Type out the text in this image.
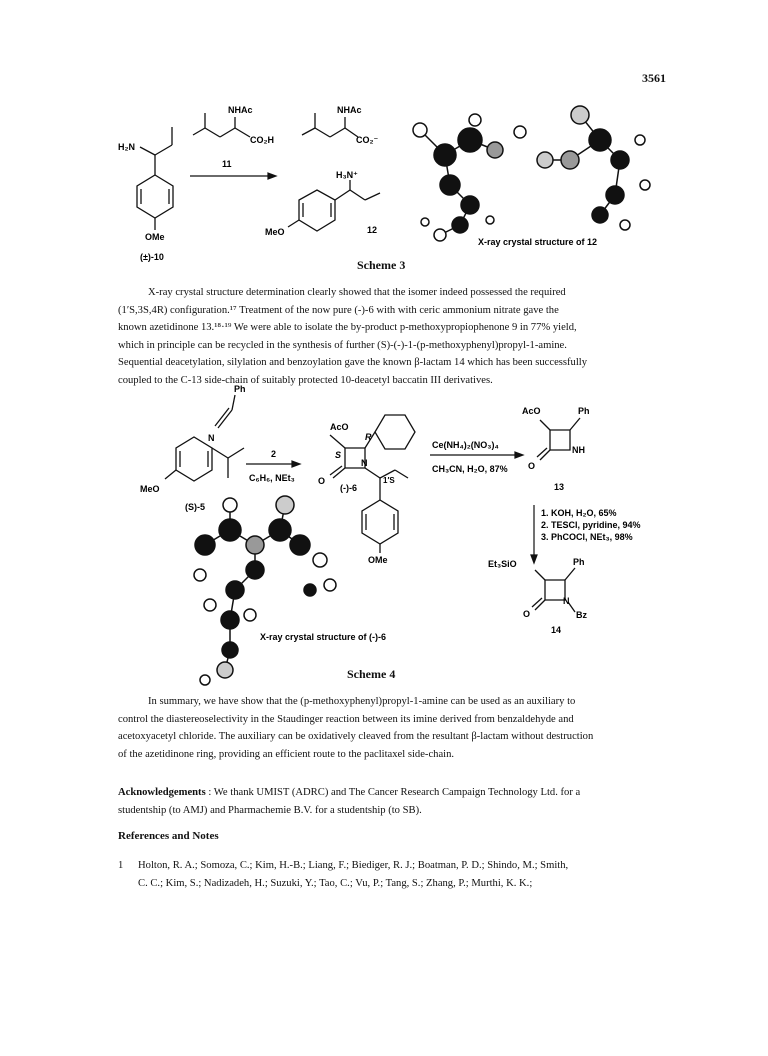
3561
H₂N
OMe
(±)-10
NHAc
CO₂H
11
NHAc
CO₂⁻
H₃N⁺
MeO	12
X-ray crystal structure of 12
Scheme 3
X-ray crystal structure determination clearly showed that the isomer indeed possessed the required
(1′S,3S,4R) configuration.¹⁷ Treatment of the now pure (-)-6 with with ceric ammonium nitrate gave the
known azetidinone 13.¹⁸·¹⁹ We were able to isolate the by-product p-methoxypropiophenone 9 in 77% yield,
which in principle can be recycled in the synthesis of further (S)-(-)-1-(p-methoxyphenyl)propyl-1-amine.
Sequential deacetylation, silylation and benzoylation gave the known β-lactam 14 which has been successfully
coupled to the C-13 side-chain of suitably protected 10-deacetyl baccatin III derivatives.
Ph
N
MeO
(S)-5
2
C₆H₆, NEt₃
AcO
R
S
N
O
(-)-6
1′S
OMe
Ce(NH₄)₂(NO₃)₄
CH₃CN, H₂O, 87%
AcO	Ph
NH
O
13
1. KOH, H₂O, 65%
2. TESCl, pyridine, 94%
3. PhCOCl, NEt₃, 98%
Et₃SiO	Ph
N
Bz
O
14
X-ray crystal structure of (-)-6
Scheme 4
In summary, we have show that the (p-methoxyphenyl)propyl-1-amine can be used as an auxiliary to
control the diastereoselectivity in the Staudinger reaction between its imine derived from benzaldehyde and
acetoxyacetyl chloride. The auxiliary can be oxidatively cleaved from the resultant β-lactam without destruction
of the azetidinone ring, providing an efficient route to the paclitaxel side-chain.
Acknowledgements : We thank UMIST (ADRC) and The Cancer Research Campaign Technology Ltd. for a
studentship (to AMJ) and Pharmachemie B.V. for a studentship (to SB).
References and Notes
1 Holton, R. A.; Somoza, C.; Kim, H.-B.; Liang, F.; Biediger, R. J.; Boatman, P. D.; Shindo, M.; Smith,
C. C.; Kim, S.; Nadizadeh, H.; Suzuki, Y.; Tao, C.; Vu, P.; Tang, S.; Zhang, P.; Murthi, K. K.;
